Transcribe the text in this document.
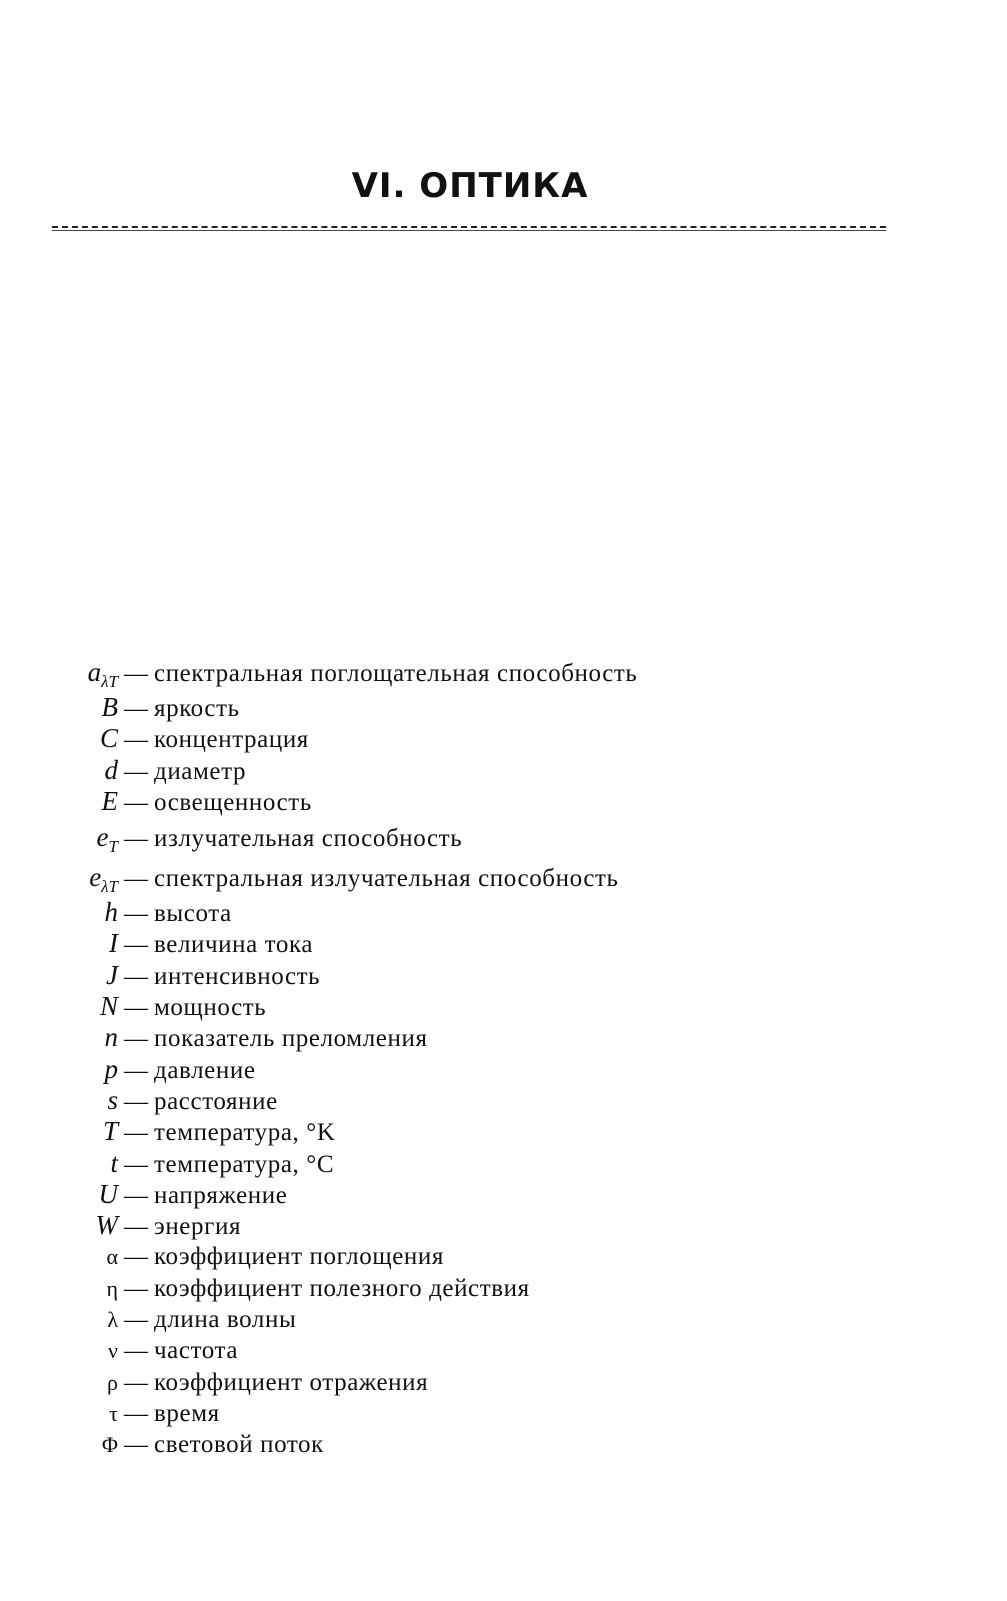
VI. ОПТИКА
$a_{\lambda T}$ — спектральная поглощательная способность
B — яркость
C — концентрация
d — диаметр
E — освещенность
$e_T$ — излучательная способность
$e_{\lambda T}$ — спектральная излучательная способность
h — высота
I — величина тока
J — интенсивность
N — мощность
n — показатель преломления
p — давление
s — расстояние
T — температура, °K
t — температура, °C
U — напряжение
W — энергия
α — коэффициент поглощения
η — коэффициент полезного действия
λ — длина волны
ν — частота
ρ — коэффициент отражения
τ — время
Φ — световой поток
